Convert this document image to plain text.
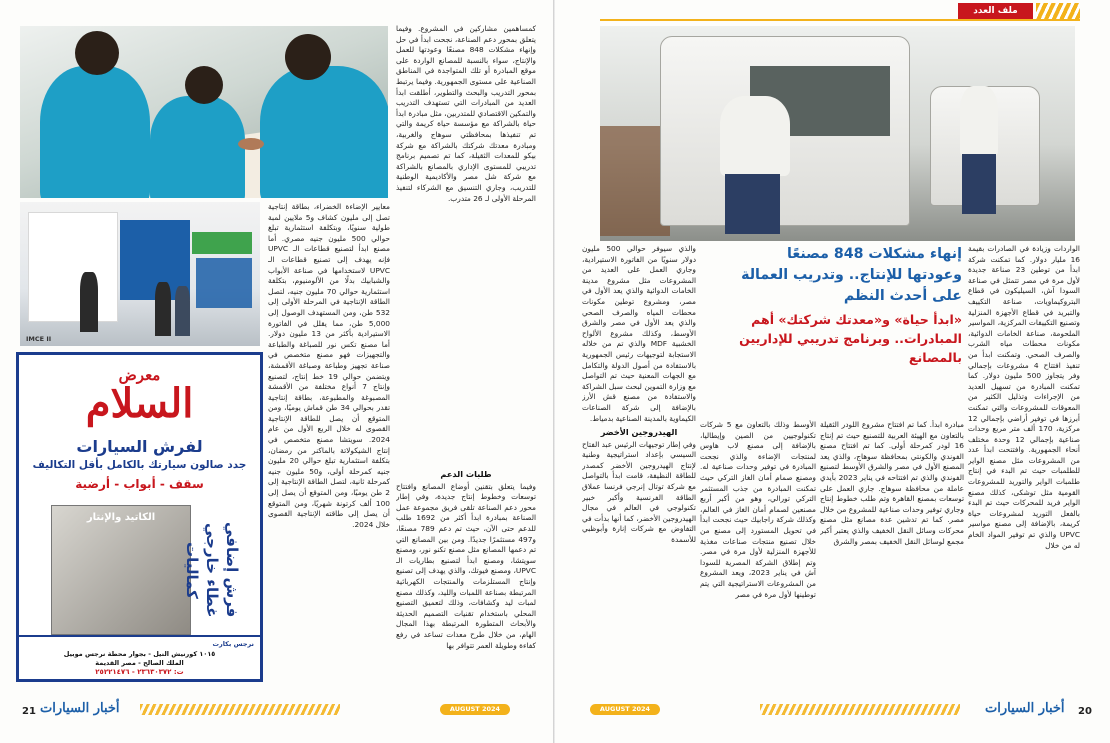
IMCE II
معرض
السلام
لفرش السيارات
جدد صالون سيارتك بالكامل بأقل التكاليف
سقف - أبواب - أرضية
الكاتيد والإنتار
فرش إضافي غطاء خارجي كماليات
نرجس بكارت
١٠١٥ كورنيش النيل - بجوار محطة نرجس موبيل
الملك الصالح - مصر القديمة
ت: ٢٣٦٣٠٣٧٢ - ٢٥٢٢١٤٧٦

كمساهمين مشاركين في المشروع. وفيما يتعلق بمحور دعم الصناعة، نجحت ابدأ في حل وإنهاء مشكلات 848 مصنعًا وعودتها للعمل والإنتاج، سواء بالنسبة للمصانع الواردة على موقع المبادرة أو تلك المتواجدة في المناطق الصناعية على مستوى الجمهورية. وفيما يرتبط بمحور التدريب والبحث والتطوير، أطلقت ابدأ العديد من المبادرات التي تستهدف التدريب والتمكين الاقتصادي للمتدربين، مثل مبادرة ابدأ حياة بالشراكة مع مؤسسة حياة كريمة والتي تم تنفيذها بمحافظتي سوهاج والغربية، ومبادرة معدتك شركتك بالشراكة مع شركة بيكو للمعدات الثقيلة، كما تم تصميم برنامج تدريبي للمستوى الإداري بالمصانع بالشراكة مع شركة شل مصر والأكاديمية الوطنية للتدريب، وجاري التنسيق مع الشركاء لتنفيذ المرحلة الأولى لـ 26 متدرب.

طلبات الدعم

وفيما يتعلق بتقنين أوضاع المصانع وافتتاح توسعات وخطوط إنتاج جديدة، وفي إطار محور دعم الصناعة تلقى فريق مجموعة عمل الصناعة بمبادرة ابدأ أكثر من 1692 طلب للدعم حتى الآن، حيث تم دعم 789 مصنعًا، و497 مستثمرًا جديدًا. ومن بين المصانع التي تم دعمها المصانع مثل مصنع تكنو نور، ومصنع سويتشا، ومصنع ابدأ لتصنيع بطاريات الـ UPVC، ومصنع فيوتك، والذي يهدف إلى تصنيع وإنتاج المستلزمات والمنتجات الكهربائية المرتبطة بصناعة اللمبات والليد، وكذلك مصنع لمبات ليد وكشافات، وذلك لتعميق التصنيع المحلي باستخدام تقنيات التصميم الحديثة والأبحاث المتطورة المرتبطة بهذا المجال الهام، من خلال طرح معدات تساعد في رفع كفاءة وطويلة العمر تتوافر بها

معايير الإضاءة الخضراء، بطاقة إنتاجية تصل إلى مليون كشاف و5 ملايين لمبة طولية سنويًا، وبتكلفة استثمارية تبلغ حوالي 500 مليون جنيه مصري. أما مصنع ابدأ لتصنيع قطاعات الـ UPVC فإنه يهدف إلى تصنيع قطاعات الـ UPVC لاستخدامها في صناعة الأبواب والشبابيك بدلًا من الألومنيوم، بتكلفة استثمارية حوالي 70 مليون جنيه، لتصل الطاقة الإنتاجية في المرحلة الأولى إلى 532 طن، ومن المستهدف الوصول إلى 5,000 طن، مما يقلل في الفاتورة الاستيرادية بأكثر من 13 مليون دولار. أما مصنع تكس نور للصباغة والطباعة والتجهيزات فهو مصنع متخصص في صناعة تجهيز وطباعة وصباغة الأقمشة، ويتضمن حوالي 19 خط إنتاج، لتصنيع وإنتاج 7 أنواع مختلفة من الأقمشة المصبوغة والمطبوعة، بطاقة إنتاجية تقدر بحوالي 34 طن قماش يوميًا، ومن المتوقع أن يصل للطاقة الإنتاجية القصوى له خلال الربع الأول من عام 2024. سويتشا مصنع متخصص في إنتاج الشيكولاتة بالماكنر من رمضان، بتكلفة استثمارية تبلغ حوالي 20 مليون جنيه كمرحلة أولى، و50 مليون جنيه كمرحلة ثانية، لتصل الطاقة الإنتاجية إلى 2 طن يوميًا، ومن المتوقع أن يصل إلى 100 ألف كرتونة شهريًا، ومن المتوقع أن يصل إلى طاقته الإنتاجية القصوى خلال 2024.

21 أخبار السيارات	AUGUST 2024
ملف العدد
إنهاء مشكلات 848 مصنعًا وعودتها للإنتاج.. وتدريب العمالة على أحدث النظم
«ابدأ حياة» و«معدتك شركتك» أهم المبادرات.. وبرنامج تدريبي للإداريين بالمصانع

الواردات وزيادة في الصادرات بقيمة 16 مليار دولار. كما تمكنت شركة ابدأ من توطين 23 صناعة جديدة لأول مرة في مصر تتمثل في صناعة السودا آش، السيليكون في قطاع البتروكيماويات، صناعة التكييف والتبريد في قطاع الأجهزة المنزلية وتصنيع التكييفات المركزية، المواسير الملحومة، صناعة الخامات الدوائية، مكونات محطات مياه الشرب والصرف الصحي. وتمكنت ابدأ من تنفيذ افتتاح 4 مشروعات بإجمالي وفر يتجاوز 500 مليون دولار. كما تمكنت المبادرة من تسهيل العديد من الإجراءات وتذليل الكثير من المعوقات للمشروعات والتي تمكنت أبرزها في توفير أراضي بإجمالي 12 مركزية، 170 ألف متر مربع وحدات صناعية بإجمالي 12 وحدة مختلف أنحاء الجمهورية. وافتتحت ابدأ عدد من المشروعات مثل مصنع الواير للطلمبات حيث تم البدء في إنتاج طلمبات الواير والتوريد للمشروعات القومية مثل توشكى، كذلك مصنع الواير فريد للمحركات حيث تم البدء بالفعل التوريد لمشروعات حياة كريمة، بالإضافة إلى مصنع مواسير UPVC والذي تم توفير المواد الخام له من خلال

مبادرة ابدأ. كما تم افتتاح مشروع اللودر الثقيلة بالتعاون مع الهيئة العربية للتصنيع حيث تم إنتاج 16 لودر كمرحلة أولى. كما تم افتتاح مصنع الفوندي والكونتي بمحافظة سوهاج، والذي يعد المصنع الأول في مصر والشرق الأوسط لتصنيع الفوندي والذي تم افتتاحه في يناير 2023 بأيدي عاملة من محافظة سوهاج. جاري العمل على توسعات بمصنع القاهرة وتم طلب خطوط إنتاج وجاري توفير وحدات صناعية للمشروع من خلال مصر. كما تم تدشين عدة مصانع مثل مصنع محركات وسائل النقل الخفيف والذي يعتبر أكبر مجمع لوسائل النقل الخفيف بمصر والشرق

الأوسط وذلك بالتعاون مع 5 شركات تكنولوجيين من الصين وإيطاليا، بالإضافة إلى مصنع لاب هاوس لمنتجات الإضاءة والذي نجحت المبادرة في توفير وحدات صناعية له. ومصنع صمام أمان الغاز التركي حيث تمكنت المبادرة من جذب المستثمر التركي تورالي، وهو من أكبر أربع مصنعين لصمام أمان الغاز في العالم، وكذلك شركة راجابيك حيث نجحت ابدأ في تحويل المستورد إلى مصنع من خلال تصنيع منتجات صناعات مغذية للأجهزة المنزلية لأول مرة في مصر. وتم إطلاق الشركة المصرية للسودا آش في يناير 2023، ويعد المشروع من المشروعات الاستراتيجية التي يتم توطينها لأول مرة في مصر

والذي سيوفر حوالي 500 مليون دولار سنويًا من الفاتورة الاستيرادية، وجاري العمل على العديد من المشروعات مثل مشروع مدينة الخامات الدوائية والذي يعد الأول في مصر، ومشروع توطين مكونات محطات المياه والصرف الصحي والذي يعد الأول في مصر والشرق الأوسط، وكذلك مشروع الألواح الخشبية MDF والذي تم من خلاله الاستجابة لتوجيهات رئيس الجمهورية بالاستفادة من أصول الدولة والتكامل مع الجهات المعنية حيث تم التواصل مع وزارة التموين لبحث سبل الشراكة والاستفادة من مصنع قش الأرز بالإضافة إلى شركة الصناعات الكيماوية بالمدينة الصناعية بدمياط.

الهيدروجين الأخضر

وفي إطار توجيهات الرئيس عبد الفتاح السيسي بإعداد استراتيجية وطنية لإنتاج الهيدروجين الأخضر كمصدر للطاقة النظيفة، قامت ابدأ بالتواصل مع شركة توتال إنرجي فرنسا عملاق الطاقة الفرنسية وأكبر خبير تكنولوجي في العالم في مجال الهيدروجين الأخضر، كما أنها بدأت في التفاوض مع شركات إنارة وأبوظبي للأسمدة

AUGUST 2024	أخبار السيارات 20
